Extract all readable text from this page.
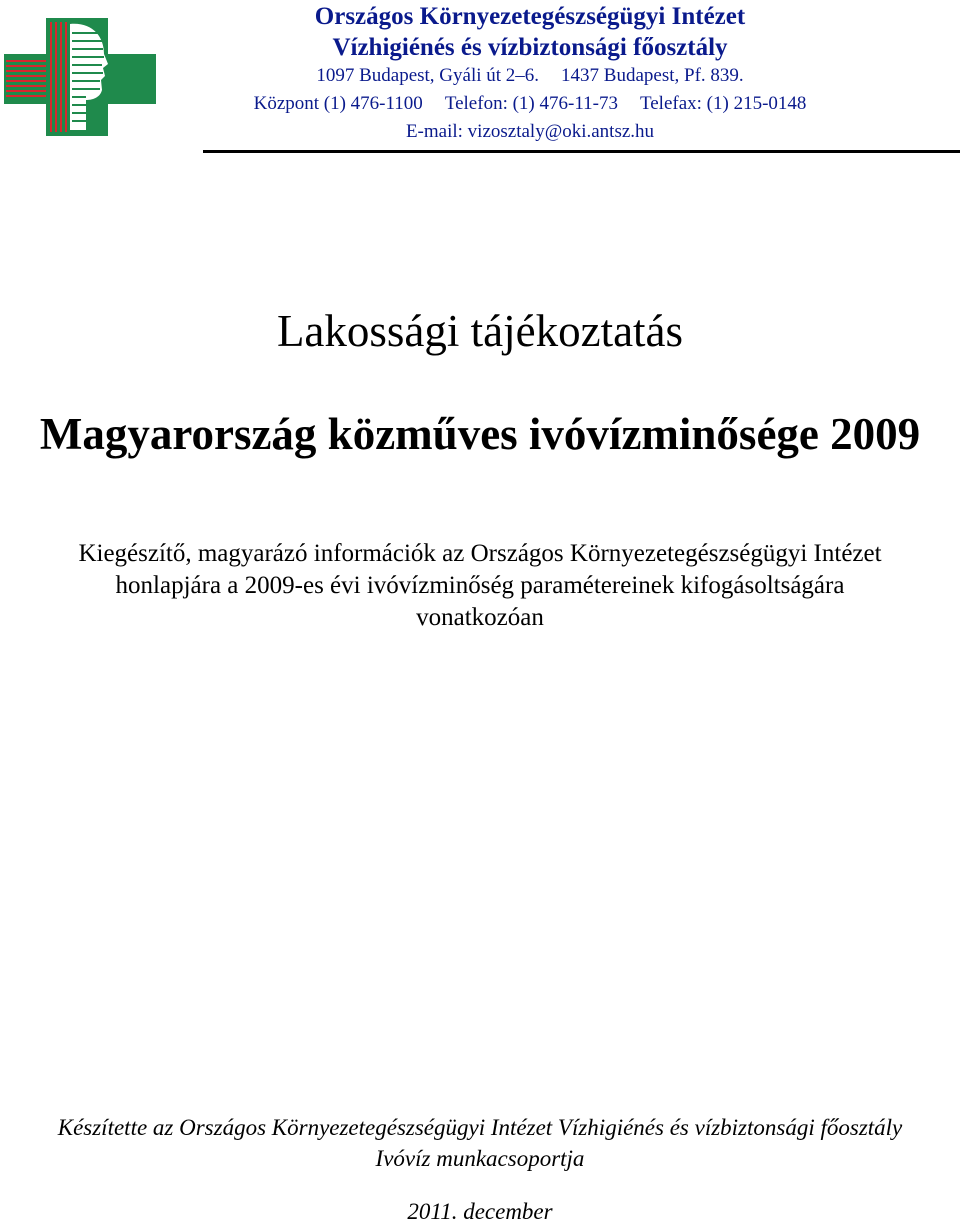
Országos Környezetegészségügyi Intézet
Vízhigiénés és vízbiztonsági főosztály
1097 Budapest, Gyáli út 2–6. 1437 Budapest, Pf. 839.
Központ (1) 476-1100 Telefon: (1) 476-11-73 Telefax: (1) 215-0148
E-mail: vizosztaly@oki.antsz.hu
Lakossági tájékoztatás
Magyarország közműves ivóvízminősége 2009
Kiegészítő, magyarázó információk az Országos Környezetegészségügyi Intézet
honlapjára a 2009-es évi ivóvízminőség paramétereinek kifogásoltságára
vonatkozóan
Készítette az Országos Környezetegészségügyi Intézet Vízhigiénés és vízbiztonsági főosztály
Ivóvíz munkacsoportja
2011. december
